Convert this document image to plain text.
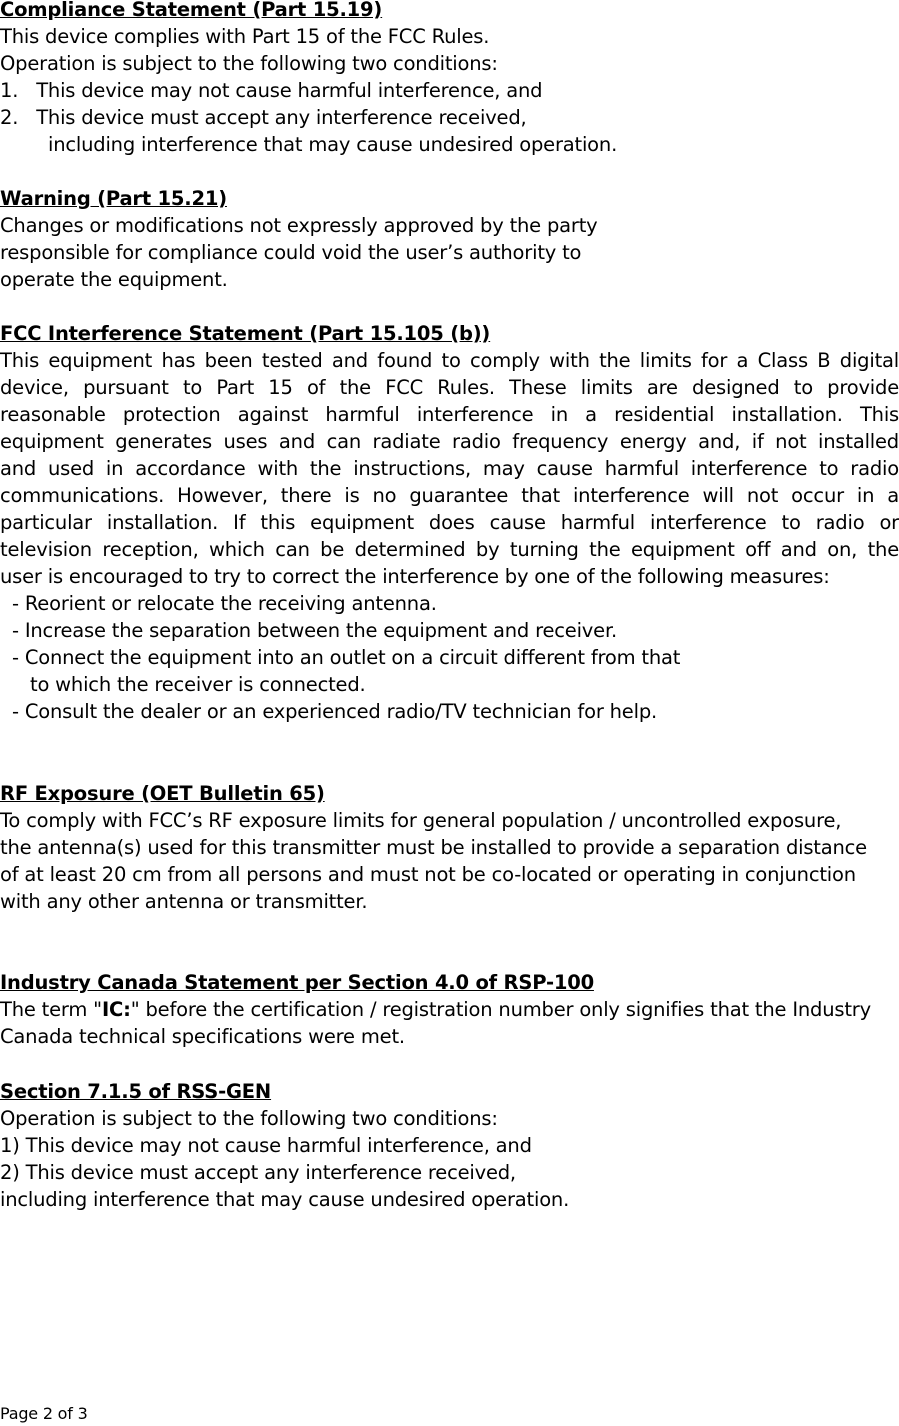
Compliance Statement (Part 15.19)
This device complies with Part 15 of the FCC Rules.
Operation is subject to the following two conditions:
1.   This device may not cause harmful interference, and
2.   This device must accept any interference received,
including interference that may cause undesired operation.
Warning (Part 15.21)
Changes or modifications not expressly approved by the party
responsible for compliance could void the user’s authority to
operate the equipment.
FCC Interference Statement (Part 15.105 (b))
This equipment has been tested and found to comply with the limits for a Class B digital
device, pursuant to Part 15 of the FCC Rules. These limits are designed to provide
reasonable protection against harmful interference in a residential installation. This
equipment generates uses and can radiate radio frequency energy and, if not installed
and used in accordance with the instructions, may cause harmful interference to radio
communications. However, there is no guarantee that interference will not occur in a
particular installation. If this equipment does cause harmful interference to radio or
television reception, which can be determined by turning the equipment off and on, the
user is encouraged to try to correct the interference by one of the following measures:
- Reorient or relocate the receiving antenna.
- Increase the separation between the equipment and receiver.
- Connect the equipment into an outlet on a circuit different from that
to which the receiver is connected.
- Consult the dealer or an experienced radio/TV technician for help.
RF Exposure (OET Bulletin 65)
To comply with FCC’s RF exposure limits for general population / uncontrolled exposure,
the antenna(s) used for this transmitter must be installed to provide a separation distance
of at least 20 cm from all persons and must not be co-located or operating in conjunction
with any other antenna or transmitter.
Industry Canada Statement per Section 4.0 of RSP-100
The term "IC:" before the certification / registration number only signifies that the Industry
Canada technical specifications were met.
Section 7.1.5 of RSS-GEN
Operation is subject to the following two conditions:
1) This device may not cause harmful interference, and
2) This device must accept any interference received,
including interference that may cause undesired operation.
Page 2 of 3
